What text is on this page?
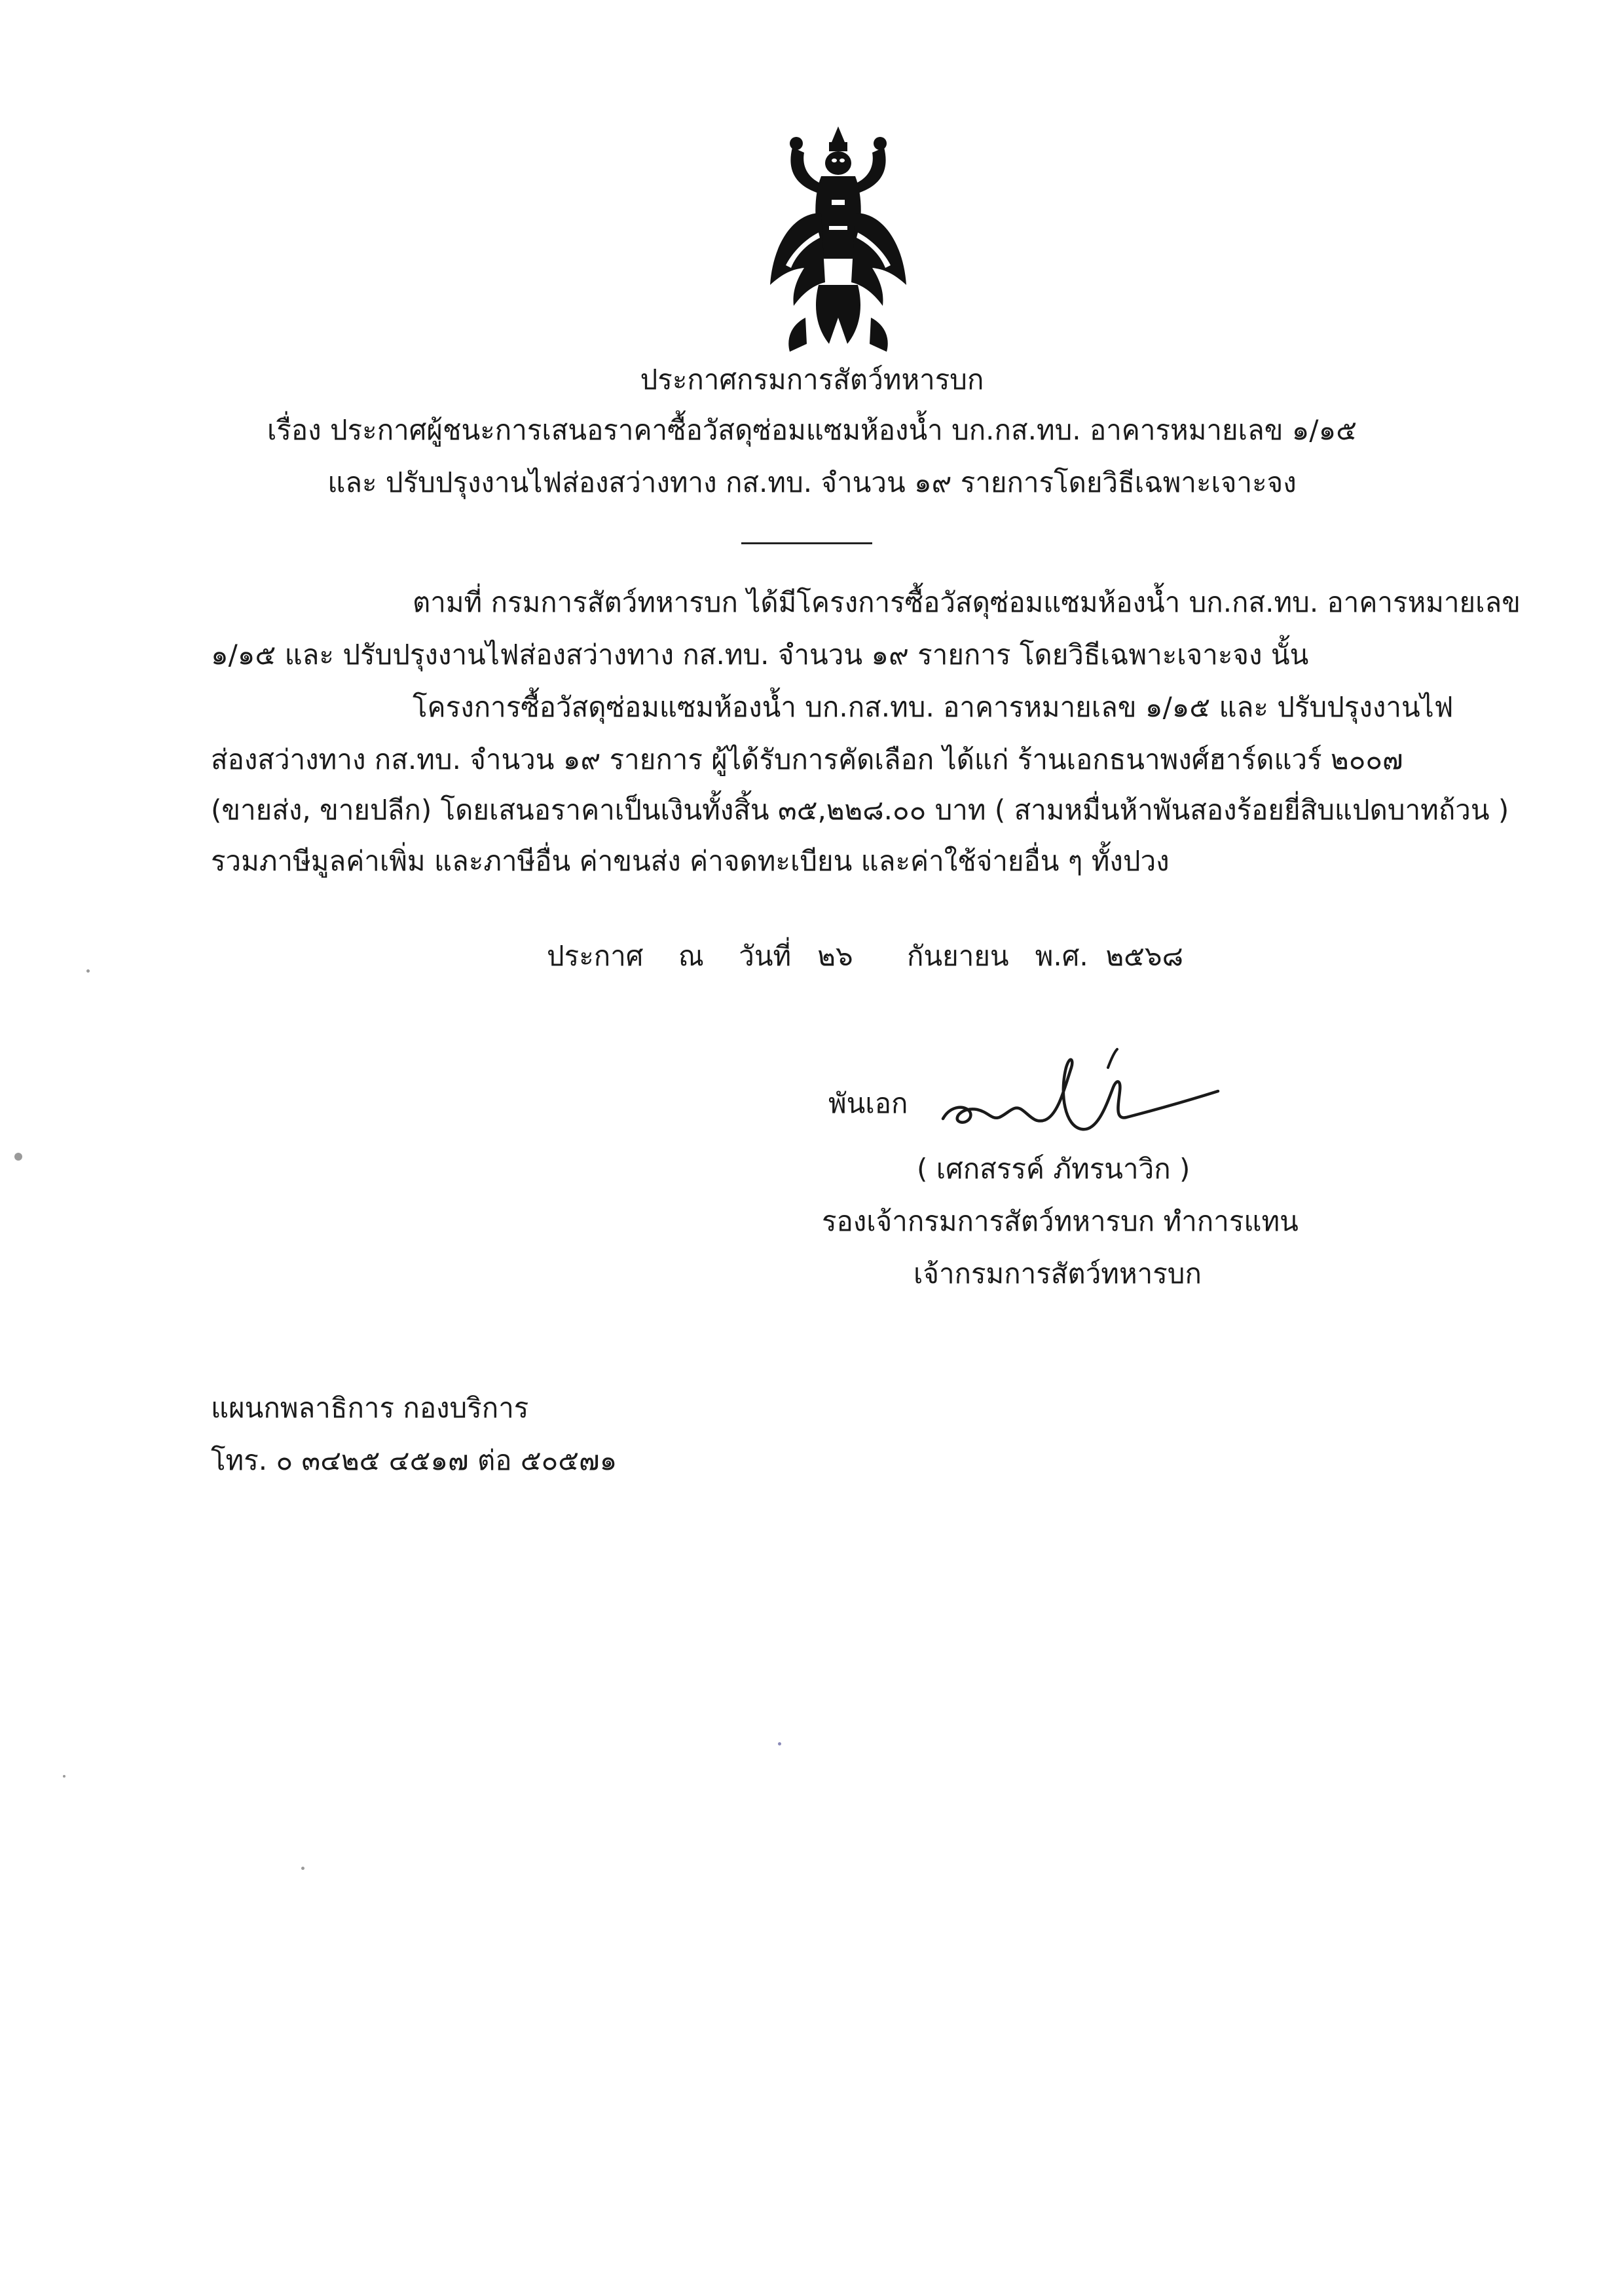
ประกาศกรมการสัตว์ทหารบก
เรื่อง ประกาศผู้ชนะการเสนอราคาซื้อวัสดุซ่อมแซมห้องน้ำ บก.กส.ทบ. อาคารหมายเลข ๑/๑๕
และ ปรับปรุงงานไฟส่องสว่างทาง กส.ทบ. จำนวน ๑๙ รายการโดยวิธีเฉพาะเจาะจง
ตามที่ กรมการสัตว์ทหารบก ได้มีโครงการซื้อวัสดุซ่อมแซมห้องน้ำ บก.กส.ทบ. อาคารหมายเลข
๑/๑๕ และ ปรับปรุงงานไฟส่องสว่างทาง กส.ทบ. จำนวน ๑๙ รายการ โดยวิธีเฉพาะเจาะจง นั้น
โครงการซื้อวัสดุซ่อมแซมห้องน้ำ บก.กส.ทบ. อาคารหมายเลข ๑/๑๕ และ ปรับปรุงงานไฟ
ส่องสว่างทาง กส.ทบ. จำนวน ๑๙ รายการ ผู้ได้รับการคัดเลือก ได้แก่ ร้านเอกธนาพงศ์ฮาร์ดแวร์ ๒๐๐๗
(ขายส่ง, ขายปลีก) โดยเสนอราคาเป็นเงินทั้งสิ้น ๓๕,๒๒๘.๐๐ บาท ( สามหมื่นห้าพันสองร้อยยี่สิบแปดบาทถ้วน )
รวมภาษีมูลค่าเพิ่ม และภาษีอื่น ค่าขนส่ง ค่าจดทะเบียน และค่าใช้จ่ายอื่น ๆ ทั้งปวง
ประกาศ ณ วันที่ ๒๖ กันยายน พ.ศ. ๒๕๖๘
พันเอก
( เศกสรรค์ ภัทรนาวิก )
รองเจ้ากรมการสัตว์ทหารบก ทำการแทน
เจ้ากรมการสัตว์ทหารบก
แผนกพลาธิการ กองบริการ
โทร. ๐ ๓๔๒๕ ๔๕๑๗ ต่อ ๕๐๕๗๑
